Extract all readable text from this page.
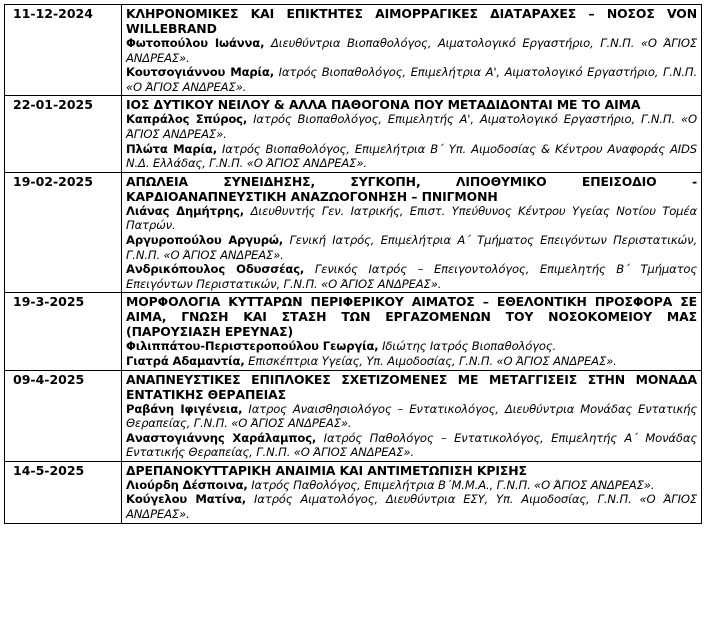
11-12-2024	ΚΛΗΡΟΝΟΜΙΚΕΣ ΚΑΙ ΕΠΙΚΤΗΤΕΣ ΑΙΜΟΡΡΑΓΙΚΕΣ ΔΙΑΤΑΡΑΧΕΣ – ΝΟΣΟΣ VON WILLEBRAND
Φωτοπούλου Ιωάννα, Διευθύντρια Βιοπαθολόγος, Αιματολογικό Εργαστήριο, Γ.Ν.Π. «Ο ΆΓΙΟΣ ΑΝΔΡΕΑΣ».
Κουτσογιάννου Μαρία, Ιατρός Βιοπαθολόγος, Επιμελήτρια Α', Αιματολογικό Εργαστήριο, Γ.Ν.Π. «Ο ΆΓΙΟΣ ΑΝΔΡΕΑΣ».

22-01-2025	ΙΟΣ ΔΥΤΙΚΟΥ ΝΕΙΛΟΥ & ΑΛΛΑ ΠΑΘΟΓΟΝΑ ΠΟΥ ΜΕΤΑΔΙΔΟΝΤΑΙ ΜΕ ΤΟ ΑΙΜΑ
Καπράλος Σπύρος, Ιατρός Βιοπαθολόγος, Επιμελητής Α', Αιματολογικό Εργαστήριο, Γ.Ν.Π. «Ο ΆΓΙΟΣ ΑΝΔΡΕΑΣ».
Πλώτα Μαρία, Ιατρός Βιοπαθολόγος, Επιμελήτρια Β΄ Υπ. Αιμοδοσίας & Κέντρου Αναφοράς AIDS Ν.Δ. Ελλάδας, Γ.Ν.Π. «Ο ΆΓΙΟΣ ΑΝΔΡΕΑΣ».

19-02-2025	ΑΠΩΛΕΙΑ ΣΥΝΕΙΔΗΣΗΣ, ΣΥΓΚΟΠΗ, ΛΙΠΟΘΥΜΙΚΟ ΕΠΕΙΣΟΔΙΟ - ΚΑΡΔΙΟΑΝΑΠΝΕΥΣΤΙΚΗ ΑΝΑΖΩΟΓΟΝΗΣΗ – ΠΝΙΓΜΟΝΗ
Λιάνας Δημήτρης, Διευθυντής Γεν. Ιατρικής, Επιστ. Υπεύθυνος Κέντρου Υγείας Νοτίου Τομέα Πατρών.
Αργυροπούλου Αργυρώ, Γενική Ιατρός, Επιμελήτρια Α΄ Τμήματος Επειγόντων Περιστατικών, Γ.Ν.Π. «Ο ΆΓΙΟΣ ΑΝΔΡΕΑΣ».
Ανδρικόπουλος Οδυσσέας, Γενικός Ιατρός – Επειγοντολόγος, Επιμελητής Β΄ Τμήματος Επειγόντων Περιστατικών, Γ.Ν.Π. «Ο ΆΓΙΟΣ ΑΝΔΡΕΑΣ».

19-3-2025	ΜΟΡΦΟΛΟΓΙΑ ΚΥΤΤΑΡΩΝ ΠΕΡΙΦΕΡΙΚΟΥ ΑΙΜΑΤΟΣ – ΕΘΕΛΟΝΤΙΚΗ ΠΡΟΣΦΟΡΑ ΣΕ ΑΙΜΑ, ΓΝΩΣΗ ΚΑΙ ΣΤΑΣΗ ΤΩΝ ΕΡΓΑΖΟΜΕΝΩΝ ΤΟΥ ΝΟΣΟΚΟΜΕΙΟΥ ΜΑΣ (ΠΑΡΟΥΣΙΑΣΗ ΕΡΕΥΝΑΣ)
Φιλιππάτου-Περιστεροπούλου Γεωργία, Ιδιώτης Ιατρός Βιοπαθολόγος.
Γιατρά Αδαμαντία, Επισκέπτρια Υγείας, Υπ. Αιμοδοσίας, Γ.Ν.Π. «Ο ΆΓΙΟΣ ΑΝΔΡΕΑΣ».

09-4-2025	ΑΝΑΠΝΕΥΣΤΙΚΕΣ ΕΠΙΠΛΟΚΕΣ ΣΧΕΤΙΖΟΜΕΝΕΣ ΜΕ ΜΕΤΑΓΓΙΣΕΙΣ ΣΤΗΝ ΜΟΝΑΔΑ ΕΝΤΑΤΙΚΗΣ ΘΕΡΑΠΕΙΑΣ
Ραβάνη Ιφιγένεια, Ιατρος Αναισθησιολόγος – Εντατικολόγος, Διευθύντρια Μονάδας Εντατικής Θεραπείας, Γ.Ν.Π. «Ο ΆΓΙΟΣ ΑΝΔΡΕΑΣ».
Αναστογιάννης Χαράλαμπος, Ιατρός Παθολόγος – Εντατικολόγος, Επιμελητής Α΄ Μονάδας Εντατικής Θεραπείας, Γ.Ν.Π. «Ο ΆΓΙΟΣ ΑΝΔΡΕΑΣ».

14-5-2025	ΔΡΕΠΑΝΟΚΥΤΤΑΡΙΚΗ ΑΝΑΙΜΙΑ ΚΑΙ ΑΝΤΙΜΕΤΩΠΙΣΗ ΚΡΙΣΗΣ
Λιούρδη Δέσποινα, Ιατρός Παθολόγος, Επιμελήτρια Β΄Μ.Μ.Α., Γ.Ν.Π. «Ο ΆΓΙΟΣ ΑΝΔΡΕΑΣ».
Κούγελου Ματίνα, Ιατρός Αιματολόγος, Διευθύντρια ΕΣΥ, Υπ. Αιμοδοσίας, Γ.Ν.Π. «Ο ΆΓΙΟΣ ΑΝΔΡΕΑΣ».
